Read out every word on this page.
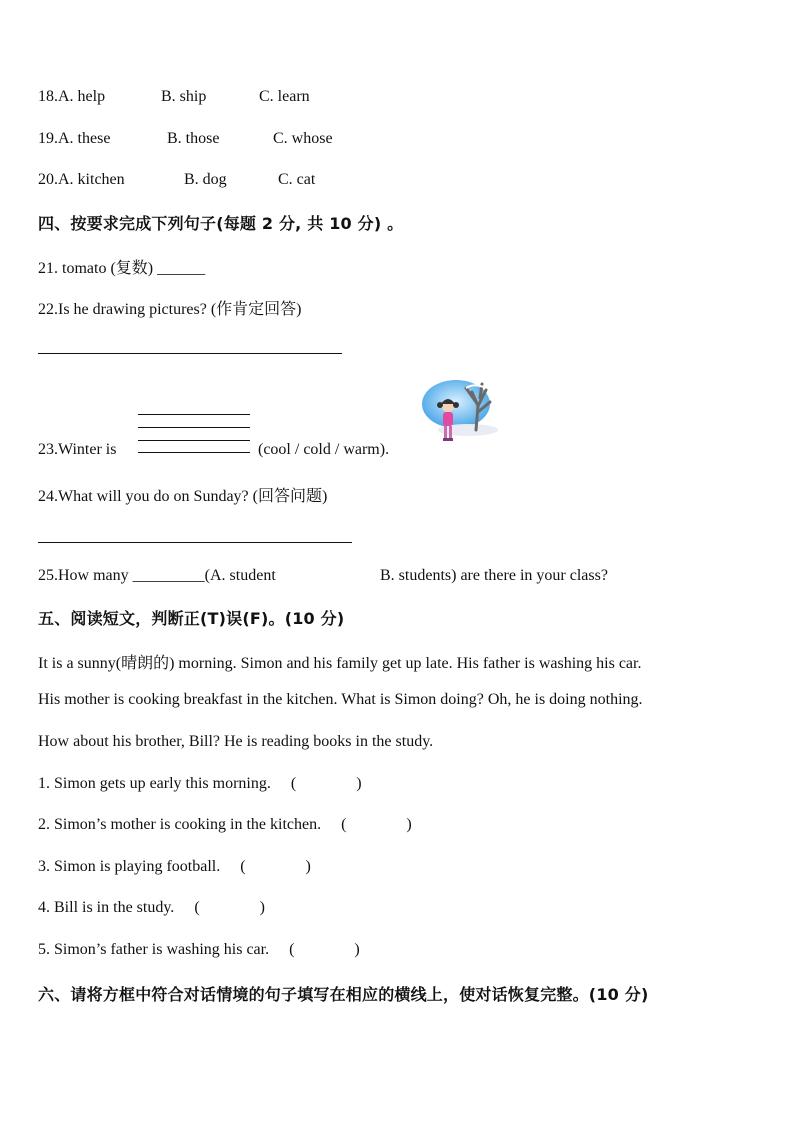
18.A. help	B. ship	C. learn
19.A. these	B. those	C. whose
20.A. kitchen	B. dog	C. cat
四、按要求完成下列句子(每题 2 分, 共 10 分) 。
21. tomato (复数) ______
22.Is he drawing pictures? (作肯定回答)
23.Winter is	(cool / cold / warm).
24.What will you do on Sunday? (回答问题)
25.How many _________(A. student	B. students) are there in your class?
五、阅读短文，判断正(T)误(F)。(10 分)
It is a sunny(晴朗的) morning. Simon and his family get up late. His father is washing his car.
His mother is cooking breakfast in the kitchen. What is Simon doing? Oh, he is doing nothing.
How about his brother, Bill? He is reading books in the study.
1. Simon gets up early this morning. (	)
2. Simon’s mother is cooking in the kitchen. (	)
3. Simon is playing football. (	)
4. Bill is in the study. (	)
5. Simon’s father is washing his car. (	)
六、请将方框中符合对话情境的句子填写在相应的横线上，使对话恢复完整。(10 分)
